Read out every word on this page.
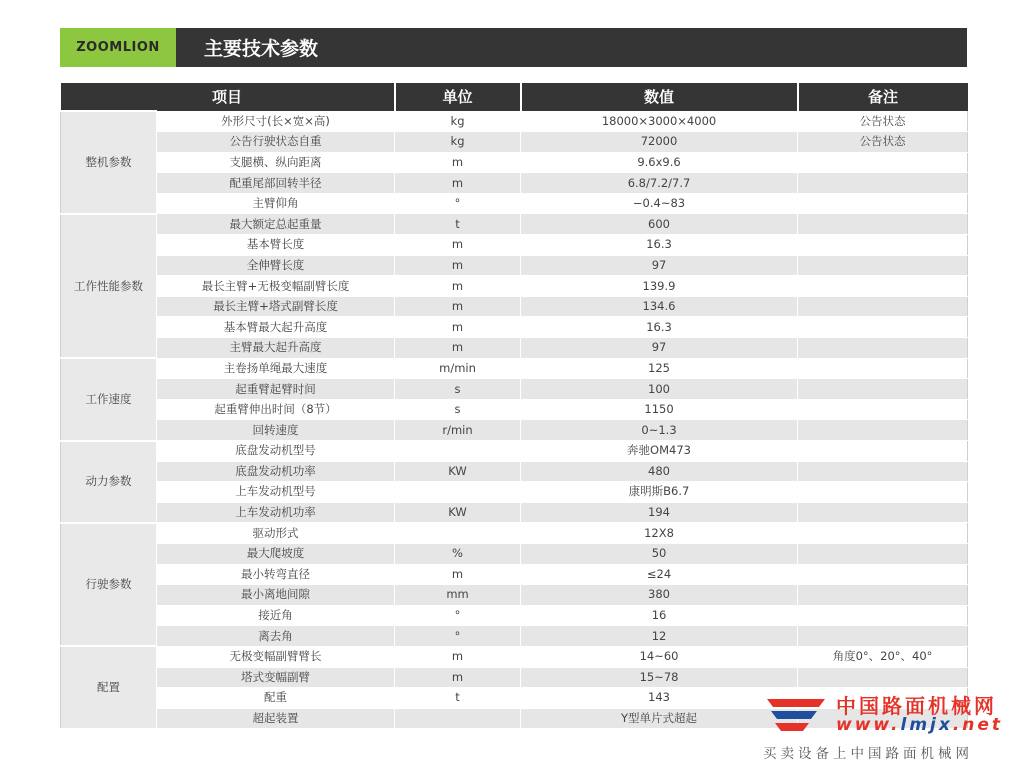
ZOOMLION	主要技术参数
项目		单位	数值	备注
整机参数	外形尺寸(长×宽×高)	kg	18000×3000×4000	公告状态
	公告行驶状态自重	kg	72000	公告状态
	支腿横、纵向距离	m	9.6x9.6	
	配重尾部回转半径	m	6.8/7.2/7.7	
	主臂仰角	°	−0.4~83	
工作性能参数	最大额定总起重量	t	600	
	基本臂长度	m	16.3	
	全伸臂长度	m	97	
	最长主臂+无极变幅副臂长度	m	139.9	
	最长主臂+塔式副臂长度	m	134.6	
	基本臂最大起升高度	m	16.3	
	主臂最大起升高度	m	97	
工作速度	主卷扬单绳最大速度	m/min	125	
	起重臂起臂时间	s	100	
	起重臂伸出时间（8节）	s	1150	
	回转速度	r/min	0~1.3	
动力参数	底盘发动机型号		奔驰OM473	
	底盘发动机功率	KW	480	
	上车发动机型号		康明斯B6.7	
	上车发动机功率	KW	194	
行驶参数	驱动形式		12X8	
	最大爬坡度	%	50	
	最小转弯直径	m	≤24	
	最小离地间隙	mm	380	
	接近角	°	16	
	离去角	°	12	
配置	无极变幅副臂臂长	m	14~60	角度0°、20°、40°
	塔式变幅副臂	m	15~78	
	配重	t	143	
	超起装置		Y型单片式超起	
中国路面机械网
www.lmjx.net
买卖设备上中国路面机械网
